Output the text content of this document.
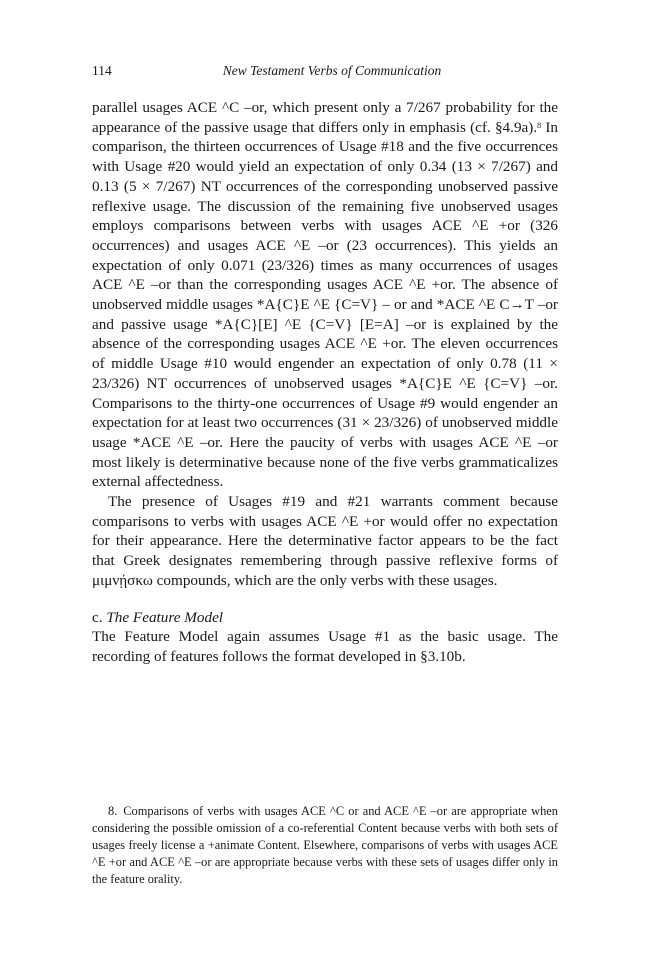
114	New Testament Verbs of Communication

parallel usages ACE ^C –or, which present only a 7/267 probability for the appearance of the passive usage that differs only in emphasis (cf. §4.9a).$^8$ In comparison, the thirteen occurrences of Usage #18 and the five occurrences with Usage #20 would yield an expectation of only 0.34 (13 × 7/267) and 0.13 (5 × 7/267) NT occurrences of the corresponding unobserved passive reflexive usage. The discussion of the remaining five unobserved usages employs comparisons between verbs with usages ACE ^E +or (326 occurrences) and usages ACE ^E –or (23 occurrences). This yields an expectation of only 0.071 (23/326) times as many occurrences of usages ACE ^E –or than the corresponding usages ACE ^E +or. The absence of unobserved middle usages *A{C}E ^E {C=V} – or and *ACE ^E C→T –or and passive usage *A{C}[E] ^E {C=V} [E=A] –or is explained by the absence of the corresponding usages ACE ^E +or. The eleven occurrences of middle Usage #10 would engender an expectation of only 0.78 (11 × 23/326) NT occurrences of unobserved usages *A{C}E ^E {C=V} –or. Comparisons to the thirty-one occurrences of Usage #9 would engender an expectation for at least two occurrences (31 × 23/326) of unobserved middle usage *ACE ^E –or. Here the paucity of verbs with usages ACE ^E –or most likely is determinative because none of the five verbs grammaticalizes external affectedness.

The presence of Usages #19 and #21 warrants comment because comparisons to verbs with usages ACE ^E +or would offer no expectation for their appearance. Here the determinative factor appears to be the fact that Greek designates remembering through passive reflexive forms of μιμνῄσκω compounds, which are the only verbs with these usages.

c. The Feature Model

The Feature Model again assumes Usage #1 as the basic usage. The recording of features follows the format developed in §3.10b.

8. Comparisons of verbs with usages ACE ^C or and ACE ^E –or are appropriate when considering the possible omission of a co-referential Content because verbs with both sets of usages freely license a +animate Content. Elsewhere, comparisons of verbs with usages ACE ^E +or and ACE ^E –or are appropriate because verbs with these sets of usages differ only in the feature orality.
